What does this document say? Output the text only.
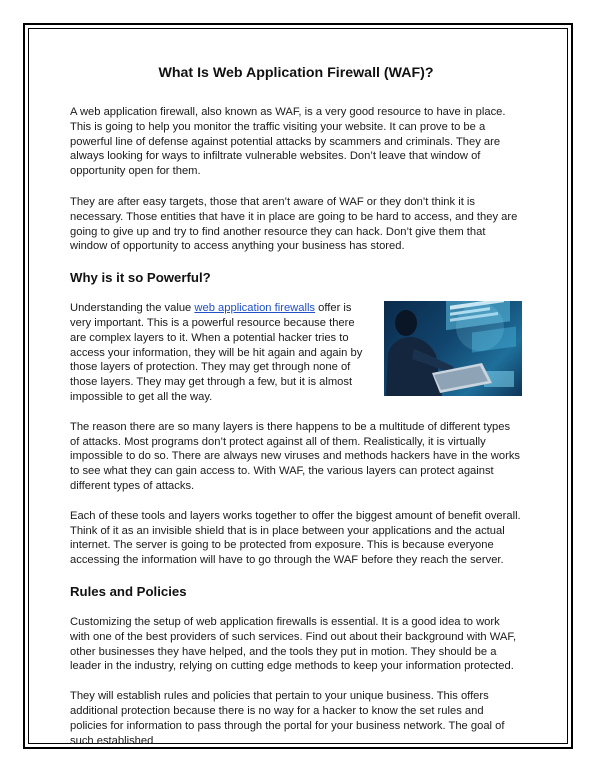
What Is Web Application Firewall (WAF)?

A web application firewall, also known as WAF, is a very good resource to have in place. This is going to help you monitor the traffic visiting your website. It can prove to be a powerful line of defense against potential attacks by scammers and criminals. They are always looking for ways to infiltrate vulnerable websites. Don’t leave that window of opportunity open for them.

They are after easy targets, those that aren’t aware of WAF or they don’t think it is necessary. Those entities that have it in place are going to be hard to access, and they are going to give up and try to find another resource they can hack. Don’t give them that window of opportunity to access anything your business has stored.

Why is it so Powerful?

Understanding the value web application firewalls offer is very important. This is a powerful resource because there are complex layers to it. When a potential hacker tries to access your information, they will be hit again and again by those layers of protection. They may get through none of those layers. They may get through a few, but it is almost impossible to get all the way.

The reason there are so many layers is there happens to be a multitude of different types of attacks. Most programs don’t protect against all of them. Realistically, it is virtually impossible to do so. There are always new viruses and methods hackers have in the works to see what they can gain access to. With WAF, the various layers can protect against different types of attacks.

Each of these tools and layers works together to offer the biggest amount of benefit overall. Think of it as an invisible shield that is in place between your applications and the actual internet. The server is going to be protected from exposure. This is because everyone accessing the information will have to go through the WAF before they reach the server.

Rules and Policies

Customizing the setup of web application firewalls is essential. It is a good idea to work with one of the best providers of such services. Find out about their background with WAF, other businesses they have helped, and the tools they put in motion. They should be a leader in the industry, relying on cutting edge methods to keep your information protected.

They will establish rules and policies that pertain to your unique business. This offers additional protection because there is no way for a hacker to know the set rules and policies for information to pass through the portal for your business network. The goal of such established
